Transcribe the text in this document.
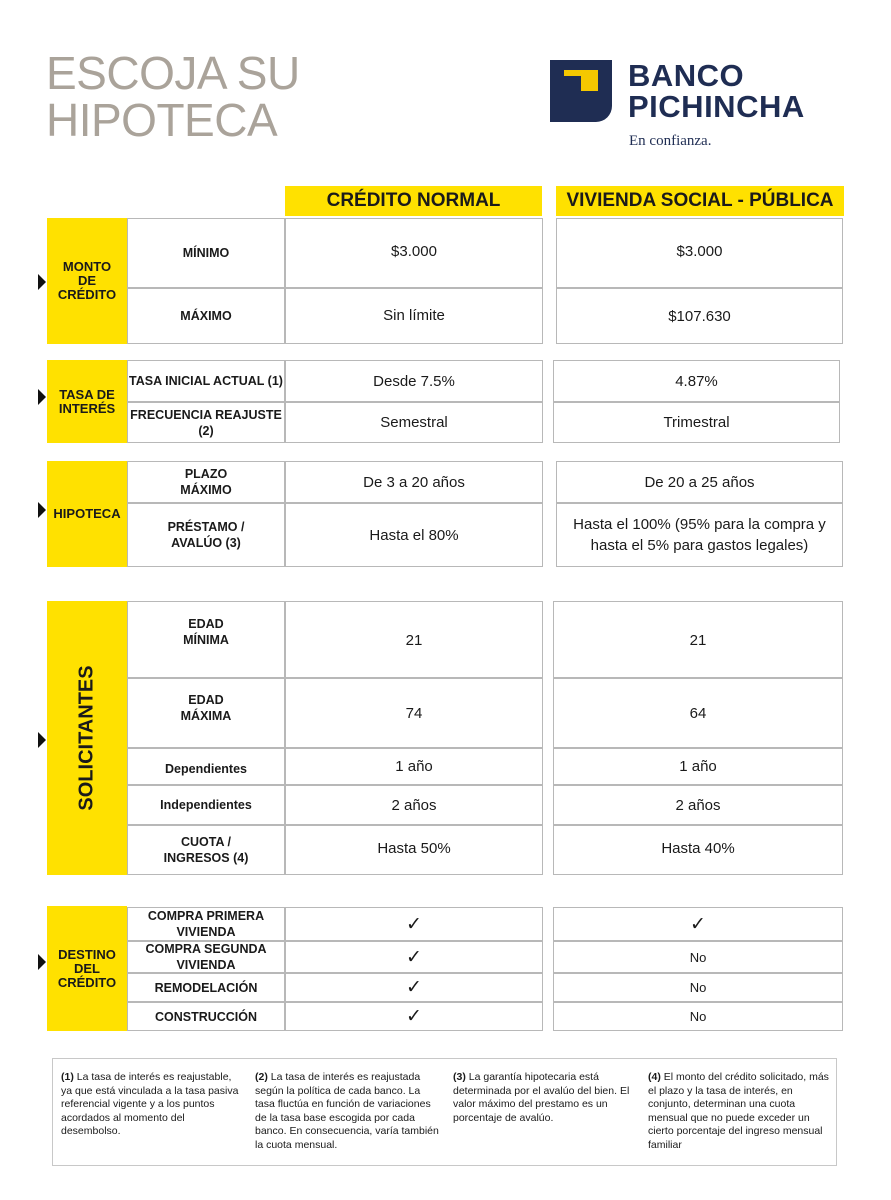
ESCOJA SU
HIPOTECA
BANCO
PICHINCHA
En confianza.
CRÉDITO NORMAL	VIVIENDA SOCIAL - PÚBLICA
MONTO DE CRÉDITO
MÍNIMO
MÁXIMO
$3.000
Sin límite
$3.000
$107.630
TASA DE INTERÉS
TASA INICIAL ACTUAL (1)
FRECUENCIA REAJUSTE (2)
Desde 7.5%
Semestral
4.87%
Trimestral
HIPOTECA
PLAZO MÁXIMO
PRÉSTAMO / AVALÚO (3)
De 3 a 20 años
Hasta el 80%
De 20 a 25 años
Hasta el 100% (95% para la compra y hasta el 5% para gastos legales)
SOLICITANTES
EDAD MÍNIMA
EDAD MÁXIMA
Dependientes
Independientes
CUOTA / INGRESOS (4)
21
74
1 año
2 años
Hasta 50%
21
64
1 año
2 años
Hasta 40%
DESTINO DEL CRÉDITO
COMPRA PRIMERA VIVIENDA
COMPRA SEGUNDA VIVIENDA
REMODELACIÓN
CONSTRUCCIÓN
✓
✓
✓
✓
✓
No
No
No
(1) La tasa de interés es reajustable, ya que está vinculada a la tasa pasiva referencial vigente y a los puntos acordados al momento del desembolso.
(2) La tasa de interés es reajustada según la política de cada banco. La tasa fluctúa en función de variaciones de la tasa base escogida por cada banco. En consecuencia, varía también la cuota mensual.
(3) La garantía hipotecaria está determinada por el avalúo del bien. El valor máximo del prestamo es un porcentaje de avalúo.
(4) El monto del crédito solicitado, más el plazo y la tasa de interés, en conjunto, determinan una cuota mensual que no puede exceder un cierto porcentaje del ingreso mensual familiar
